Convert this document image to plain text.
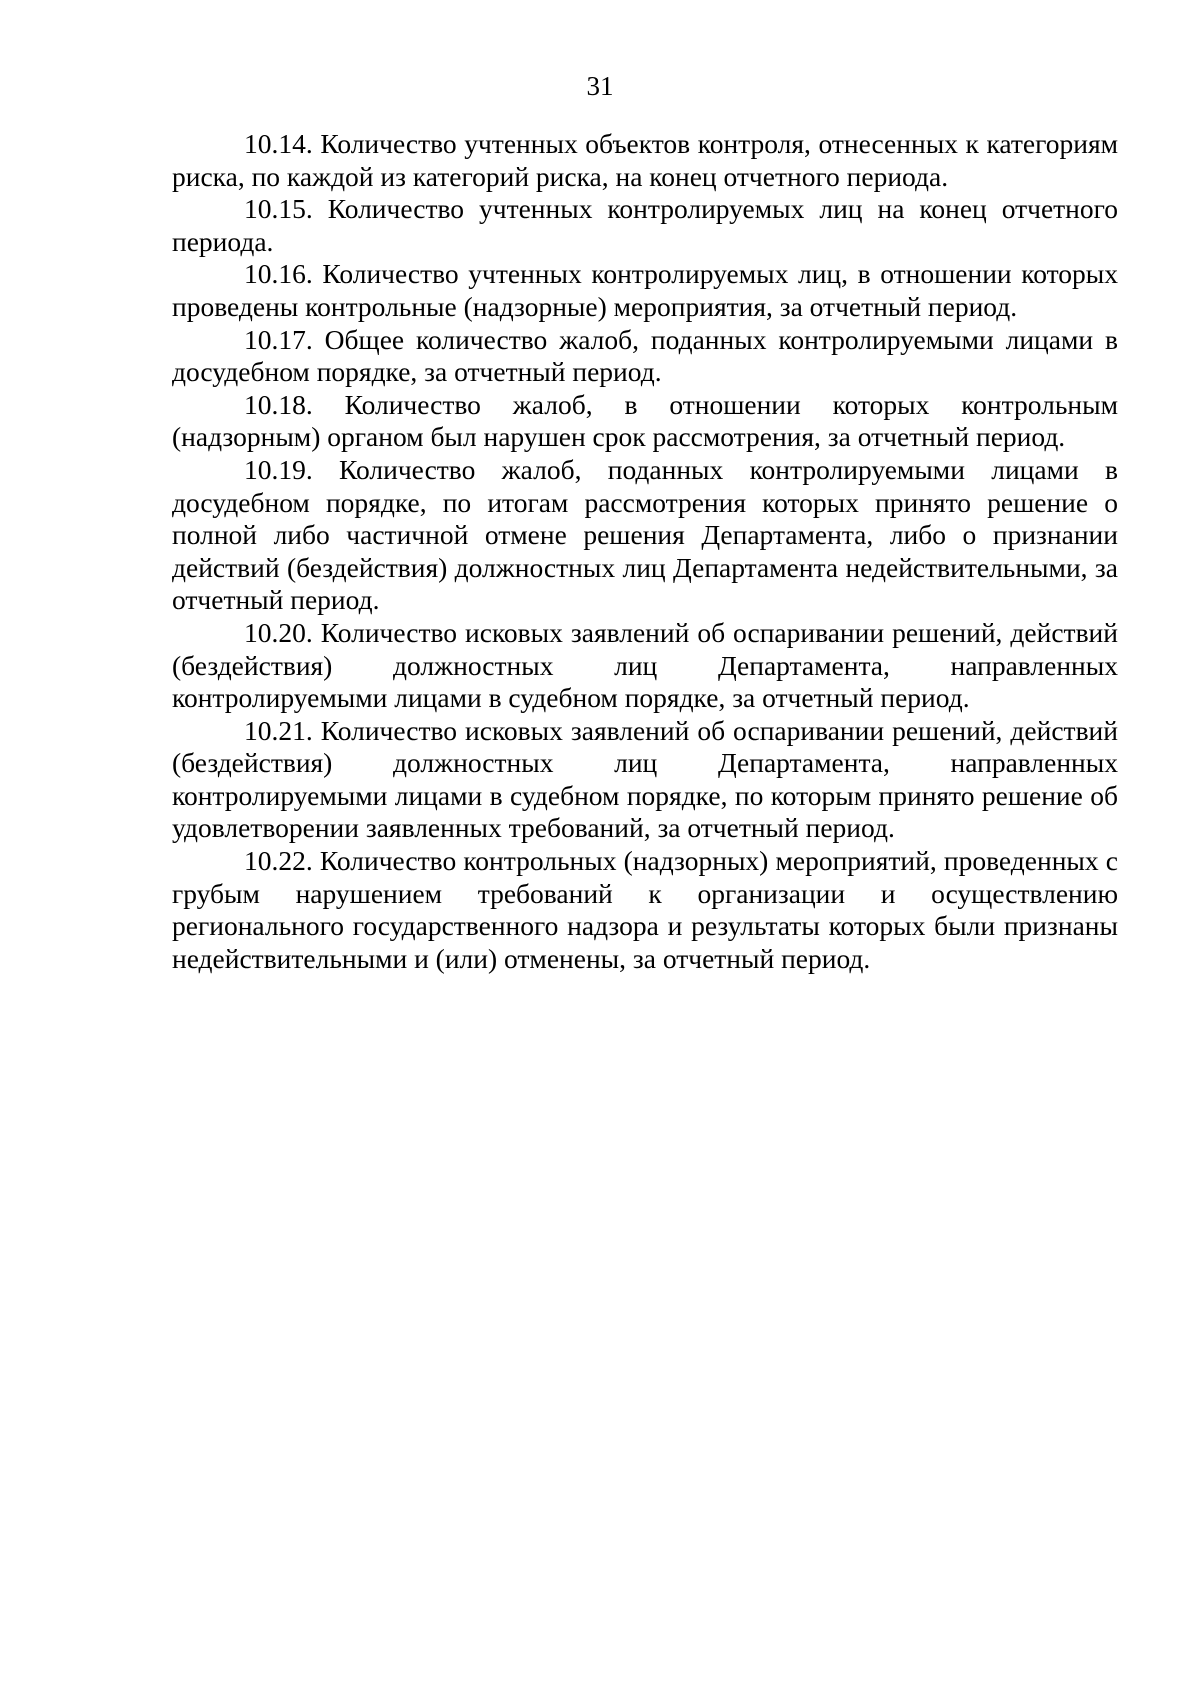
31

10.14. Количество учтенных объектов контроля, отнесенных к категориям риска, по каждой из категорий риска, на конец отчетного периода.

10.15. Количество учтенных контролируемых лиц на конец отчетного периода.

10.16. Количество учтенных контролируемых лиц, в отношении которых проведены контрольные (надзорные) мероприятия, за отчетный период.

10.17. Общее количество жалоб, поданных контролируемыми лицами в досудебном порядке, за отчетный период.

10.18. Количество жалоб, в отношении которых контрольным (надзорным) органом был нарушен срок рассмотрения, за отчетный период.

10.19. Количество жалоб, поданных контролируемыми лицами в досудебном порядке, по итогам рассмотрения которых принято решение о полной либо частичной отмене решения Департамента, либо о признании действий (бездействия) должностных лиц Департамента недействительными, за отчетный период.

10.20. Количество исковых заявлений об оспаривании решений, действий (бездействия) должностных лиц Департамента, направленных контролируемыми лицами в судебном порядке, за отчетный период.

10.21. Количество исковых заявлений об оспаривании решений, действий (бездействия) должностных лиц Департамента, направленных контролируемыми лицами в судебном порядке, по которым принято решение об удовлетворении заявленных требований, за отчетный период.

10.22. Количество контрольных (надзорных) мероприятий, проведенных с грубым нарушением требований к организации и осуществлению регионального государственного надзора и результаты которых были признаны недействительными и (или) отменены, за отчетный период.
